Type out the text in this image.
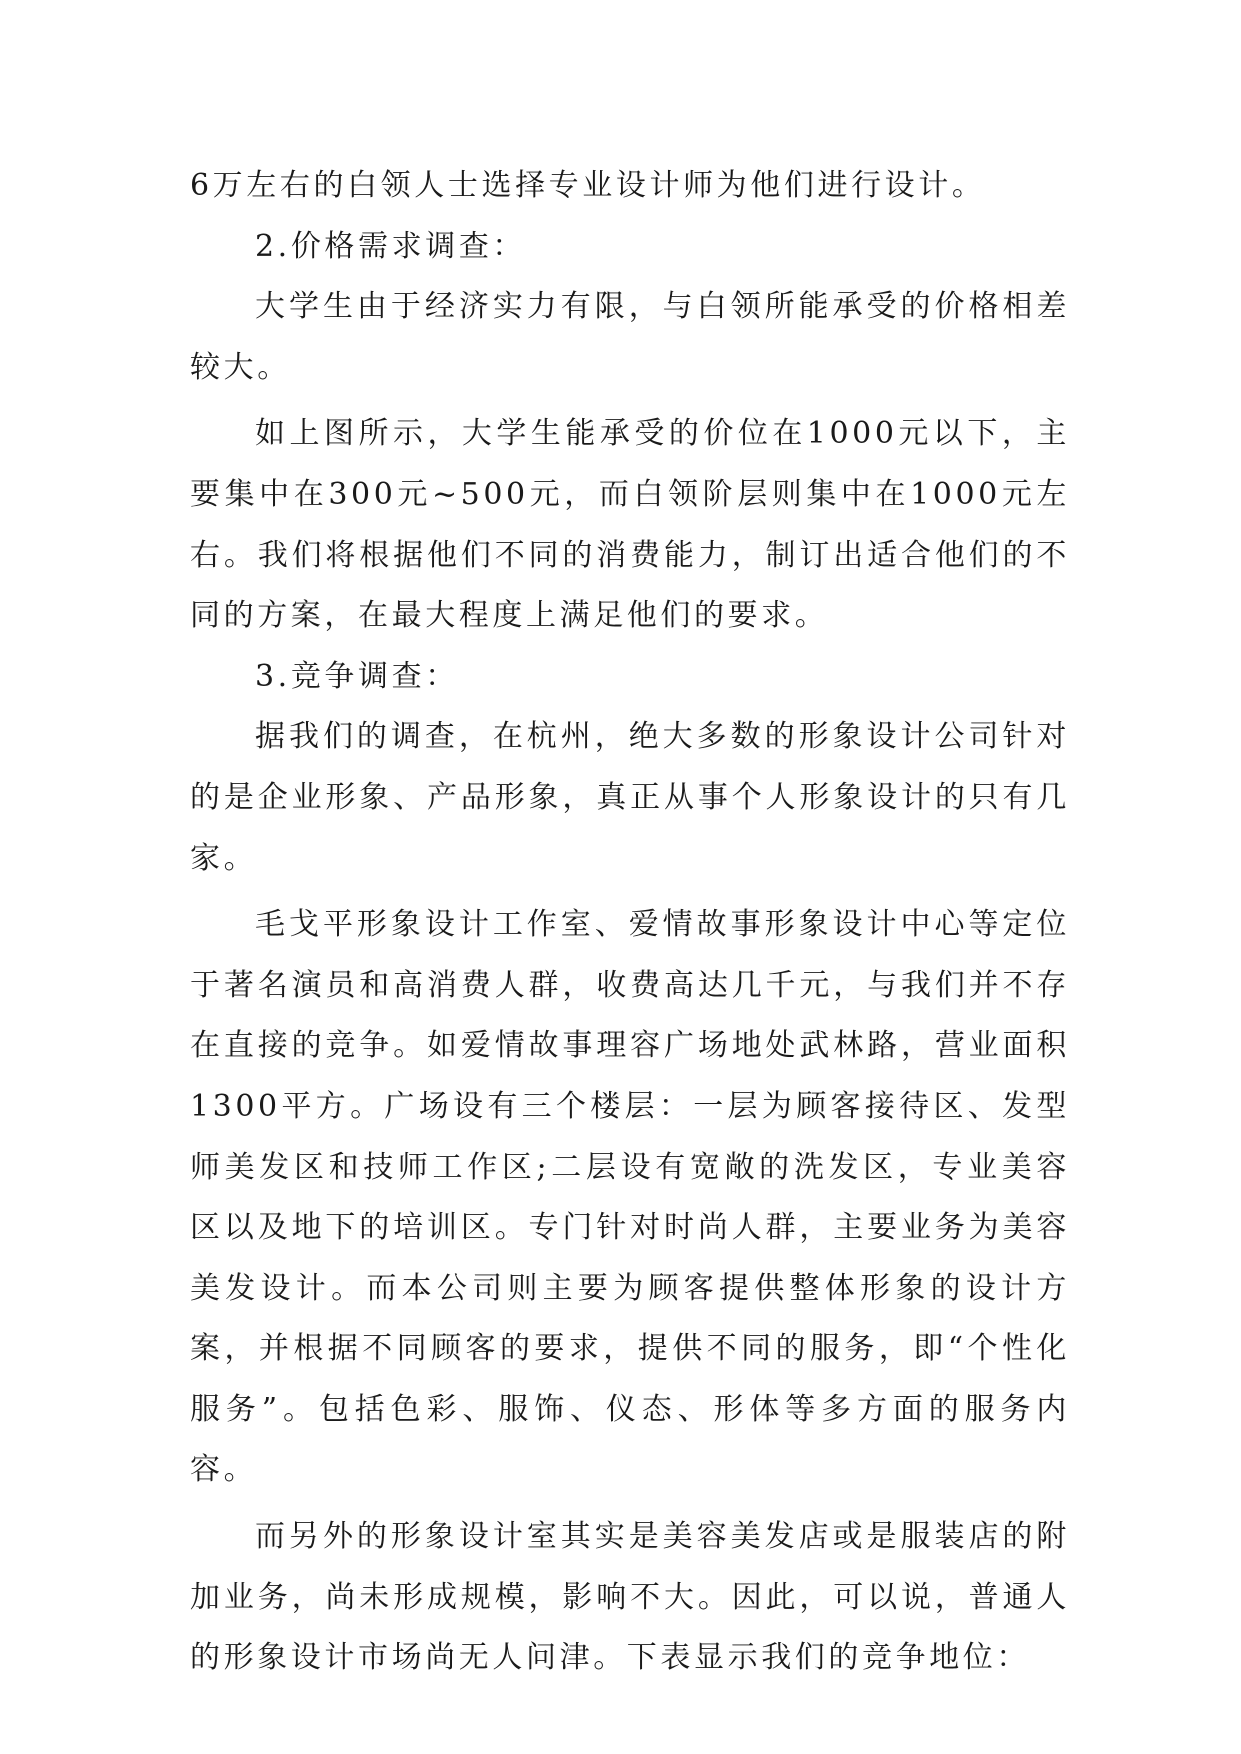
6万左右的白领人士选择专业设计师为他们进行设计。

2.价格需求调查：

大学生由于经济实力有限，与白领所能承受的价格相差较大。

如上图所示，大学生能承受的价位在1000元以下，主要集中在300元~500元，而白领阶层则集中在1000元左右。我们将根据他们不同的消费能力，制订出适合他们的不同的方案，在最大程度上满足他们的要求。

3.竞争调查：

据我们的调查，在杭州，绝大多数的形象设计公司针对的是企业形象、产品形象，真正从事个人形象设计的只有几家。

毛戈平形象设计工作室、爱情故事形象设计中心等定位于著名演员和高消费人群，收费高达几千元，与我们并不存在直接的竞争。如爱情故事理容广场地处武林路，营业面积1300平方。广场设有三个楼层：一层为顾客接待区、发型师美发区和技师工作区;二层设有宽敞的洗发区，专业美容区以及地下的培训区。专门针对时尚人群，主要业务为美容美发设计。而本公司则主要为顾客提供整体形象的设计方案，并根据不同顾客的要求，提供不同的服务，即“个性化服务”。包括色彩、服饰、仪态、形体等多方面的服务内容。

而另外的形象设计室其实是美容美发店或是服装店的附加业务，尚未形成规模，影响不大。因此，可以说，普通人的形象设计市场尚无人问津。下表显示我们的竞争地位：
